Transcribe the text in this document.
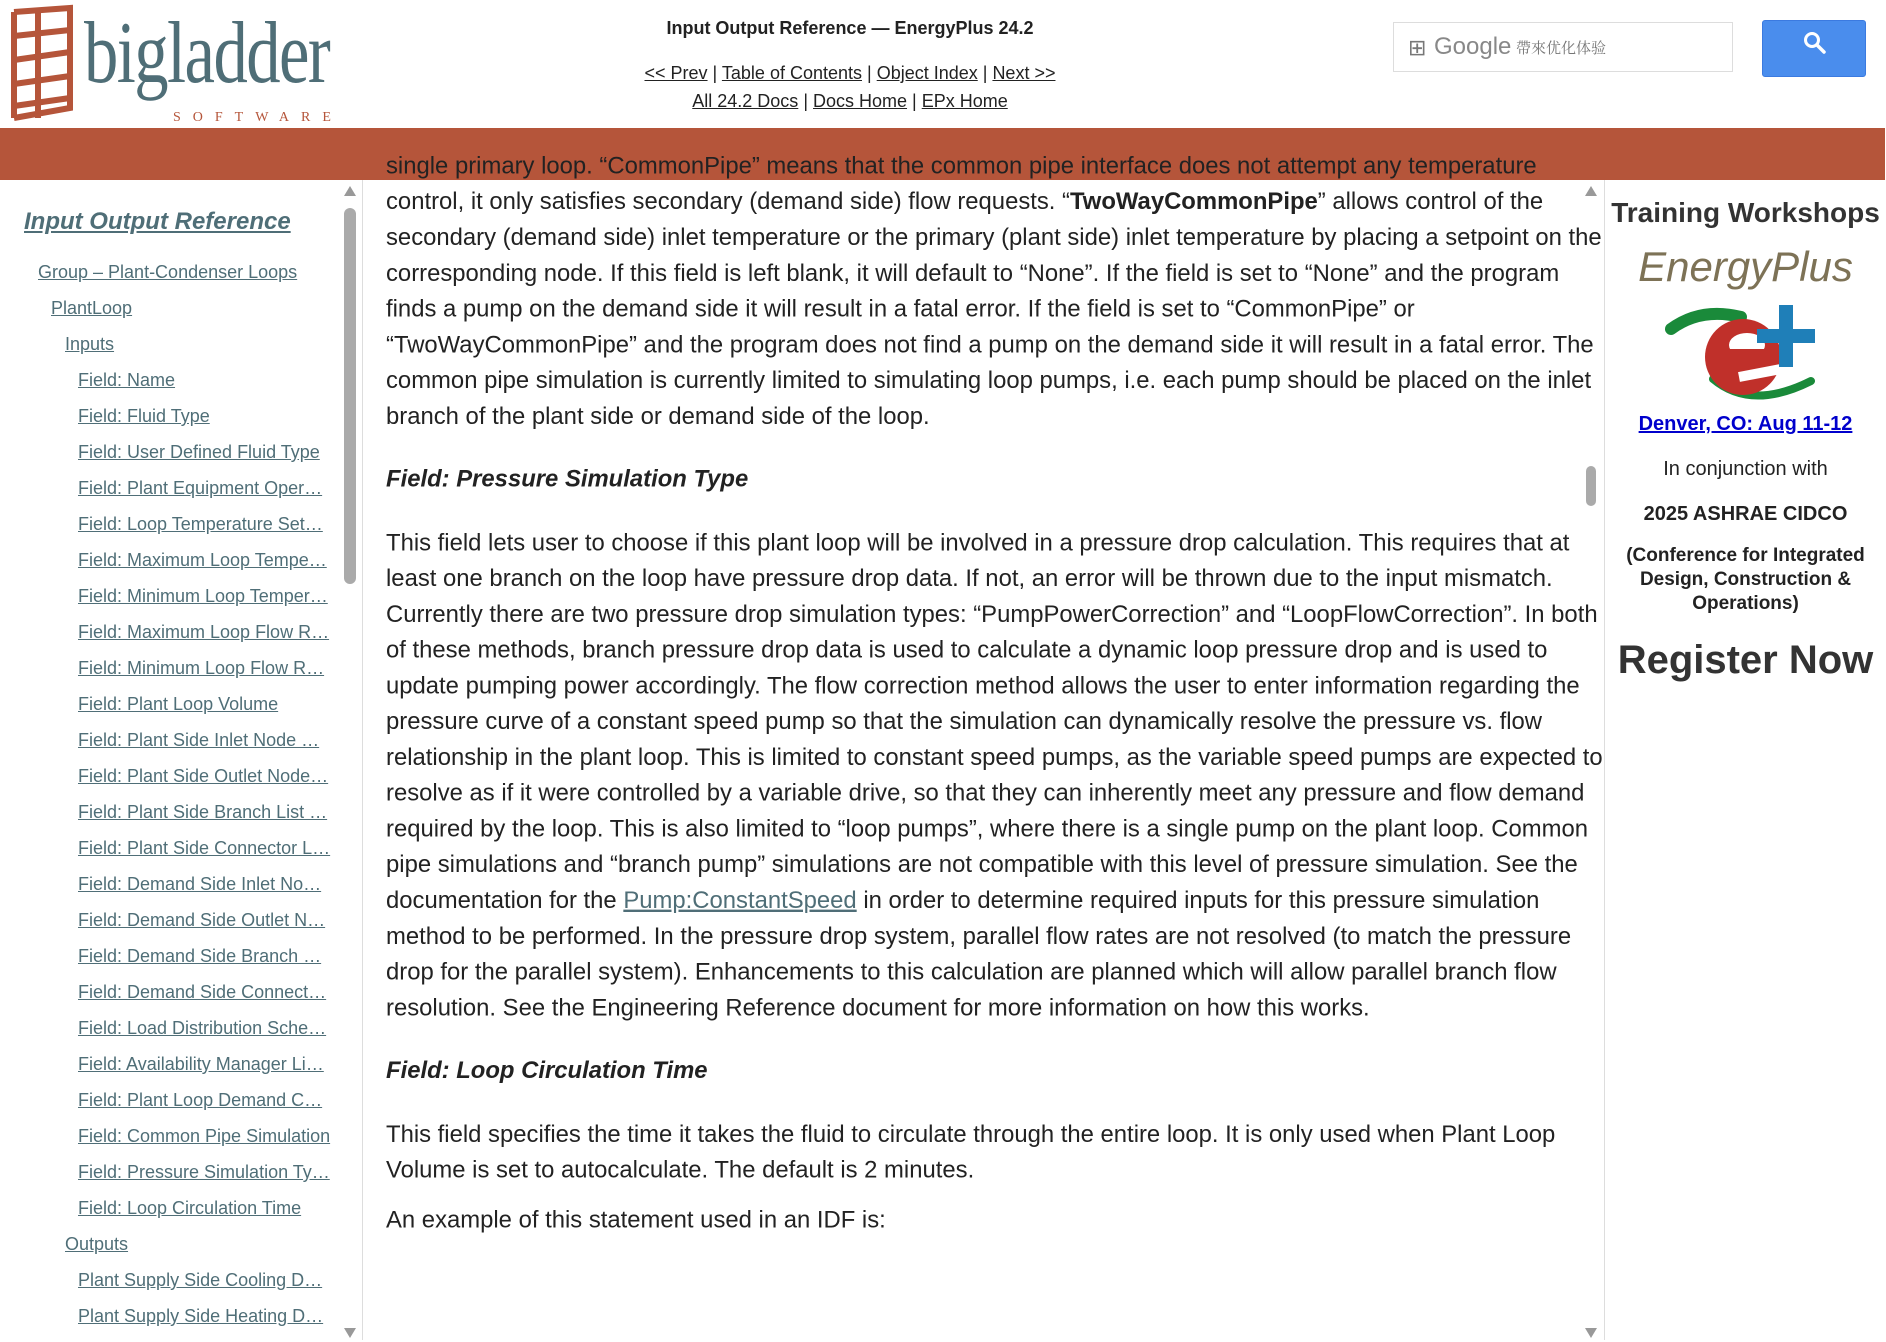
bigladder
SOFTWARE
Input Output Reference — EnergyPlus 24.2
<< Prev | Table of Contents | Object Index | Next >>
All 24.2 Docs | Docs Home | EPx Home
⊞ Google
帶來优化体验
Input Output Reference
Group – Plant-Condenser Loops
PlantLoop
Inputs
Field: Name
Field: Fluid Type
Field: User Defined Fluid Type
Field: Plant Equipment Oper…
Field: Loop Temperature Set…
Field: Maximum Loop Tempe…
Field: Minimum Loop Temper…
Field: Maximum Loop Flow R…
Field: Minimum Loop Flow R…
Field: Plant Loop Volume
Field: Plant Side Inlet Node …
Field: Plant Side Outlet Node…
Field: Plant Side Branch List …
Field: Plant Side Connector L…
Field: Demand Side Inlet No…
Field: Demand Side Outlet N…
Field: Demand Side Branch …
Field: Demand Side Connect…
Field: Load Distribution Sche…
Field: Availability Manager Li…
Field: Plant Loop Demand C…
Field: Common Pipe Simulation
Field: Pressure Simulation Ty…
Field: Loop Circulation Time
Outputs
Plant Supply Side Cooling D…
Plant Supply Side Heating D…

single primary loop. “CommonPipe” means that the common pipe interface does not attempt any temperature

control, it only satisfies secondary (demand side) flow requests. “TwoWayCommonPipe” allows control of the secondary (demand side) inlet temperature or the primary (plant side) inlet temperature by placing a setpoint on the corresponding node. If this field is left blank, it will default to “None”. If the field is set to “None” and the program finds a pump on the demand side it will result in a fatal error. If the field is set to “CommonPipe” or “TwoWayCommonPipe” and the program does not find a pump on the demand side it will result in a fatal error. The common pipe simulation is currently limited to simulating loop pumps, i.e. each pump should be placed on the inlet branch of the plant side or demand side of the loop.

Field: Pressure Simulation Type

This field lets user to choose if this plant loop will be involved in a pressure drop calculation. This requires that at least one branch on the loop have pressure drop data. If not, an error will be thrown due to the input mismatch. Currently there are two pressure drop simulation types: “PumpPowerCorrection” and “LoopFlowCorrection”. In both of these methods, branch pressure drop data is used to calculate a dynamic loop pressure drop and is used to update pumping power accordingly. The flow correction method allows the user to enter information regarding the pressure curve of a constant speed pump so that the simulation can dynamically resolve the pressure vs. flow relationship in the plant loop. This is limited to constant speed pumps, as the variable speed pumps are expected to resolve as if it were controlled by a variable drive, so that they can inherently meet any pressure and flow demand required by the loop. This is also limited to “loop pumps”, where there is a single pump on the plant loop. Common pipe simulations and “branch pump” simulations are not compatible with this level of pressure simulation. See the documentation for the Pump:ConstantSpeed in order to determine required inputs for this pressure simulation method to be performed. In the pressure drop system, parallel flow rates are not resolved (to match the pressure drop for the parallel system). Enhancements to this calculation are planned which will allow parallel branch flow resolution. See the Engineering Reference document for more information on how this works.

Field: Loop Circulation Time

This field specifies the time it takes the fluid to circulate through the entire loop. It is only used when Plant Loop Volume is set to autocalculate. The default is 2 minutes.

An example of this statement used in an IDF is:

Training Workshops
EnergyPlus
Denver, CO: Aug 11-12
In conjunction with
2025 ASHRAE CIDCO
(Conference for Integrated Design, Construction & Operations)
Register Now
